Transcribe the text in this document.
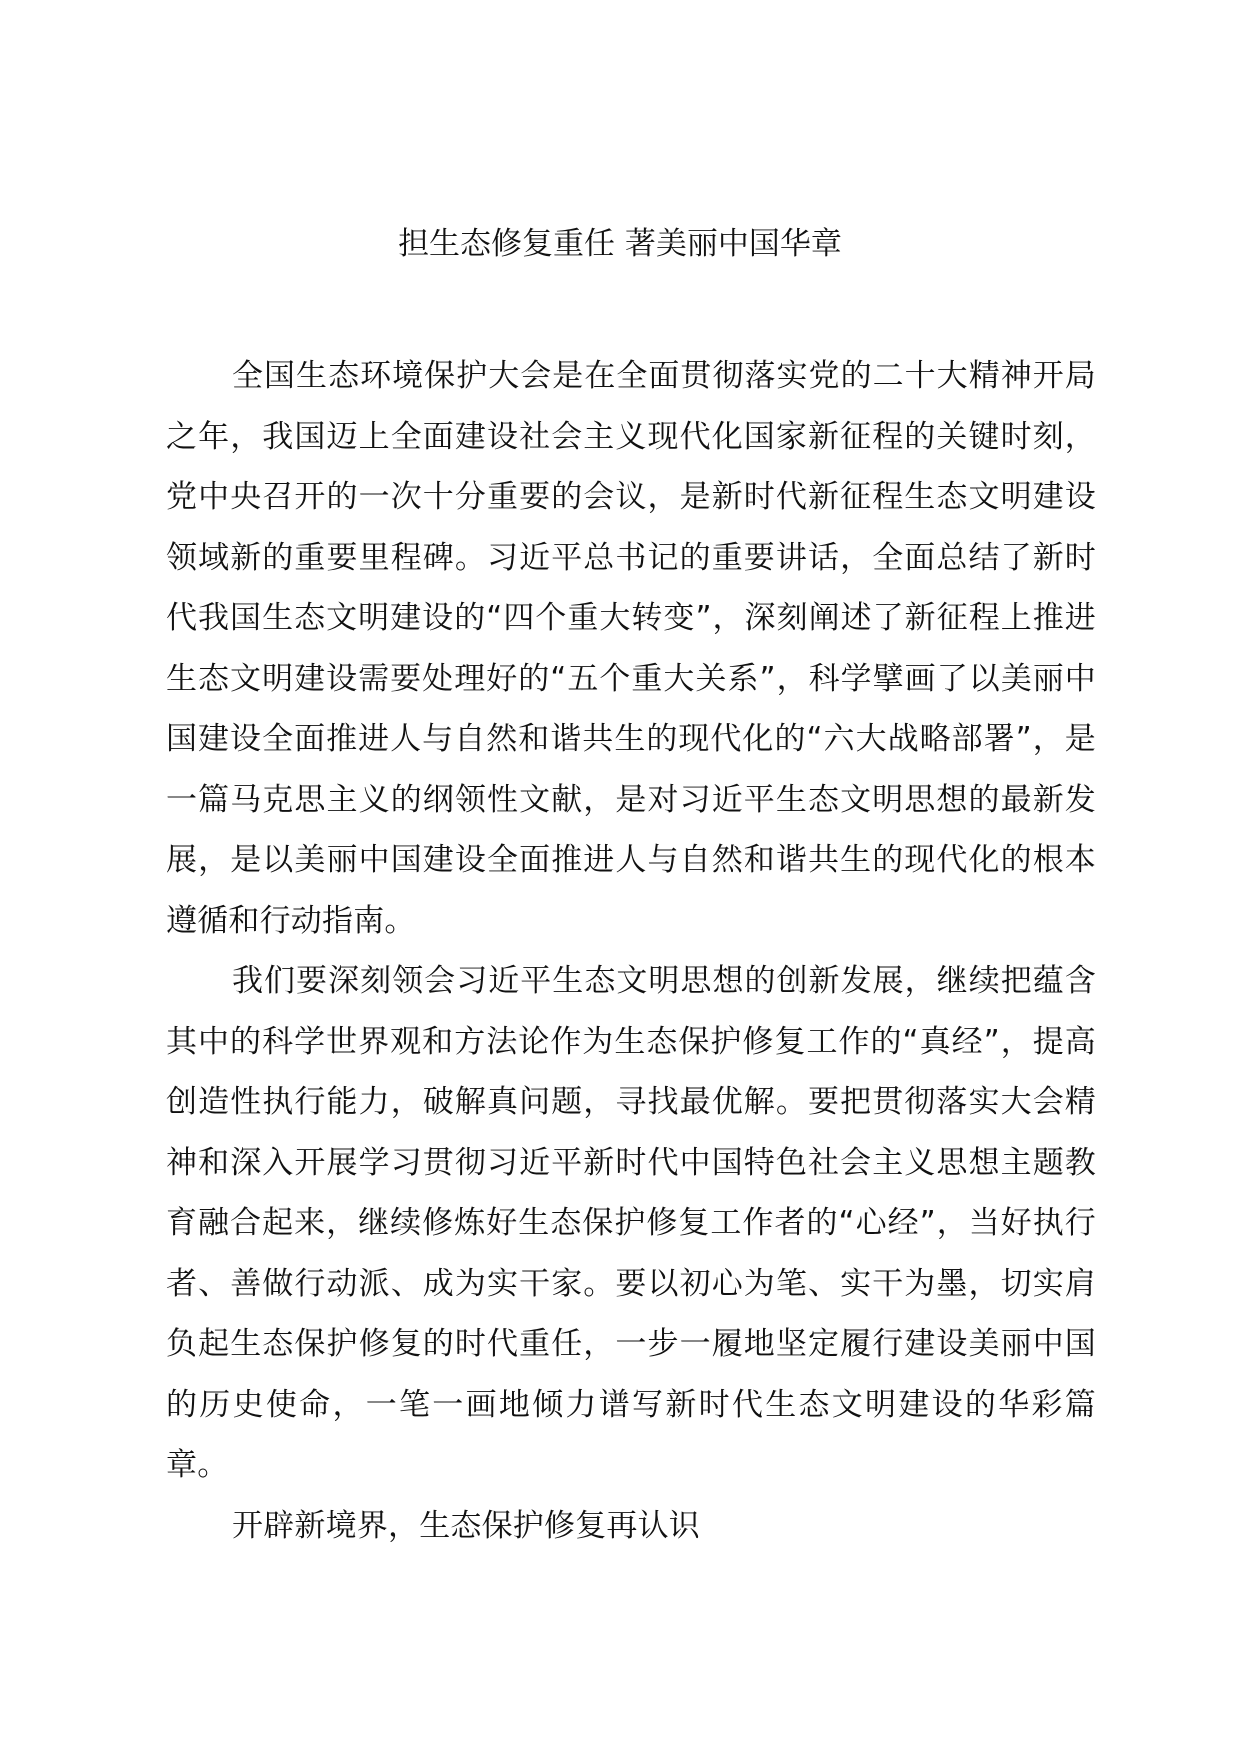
担生态修复重任 著美丽中国华章

全国生态环境保护大会是在全面贯彻落实党的二十大精神开局之年，我国迈上全面建设社会主义现代化国家新征程的关键时刻，党中央召开的一次十分重要的会议，是新时代新征程生态文明建设领域新的重要里程碑。习近平总书记的重要讲话，全面总结了新时代我国生态文明建设的“四个重大转变”，深刻阐述了新征程上推进生态文明建设需要处理好的“五个重大关系”，科学擘画了以美丽中国建设全面推进人与自然和谐共生的现代化的“六大战略部署”，是一篇马克思主义的纲领性文献，是对习近平生态文明思想的最新发展，是以美丽中国建设全面推进人与自然和谐共生的现代化的根本遵循和行动指南。

我们要深刻领会习近平生态文明思想的创新发展，继续把蕴含其中的科学世界观和方法论作为生态保护修复工作的“真经”，提高创造性执行能力，破解真问题，寻找最优解。要把贯彻落实大会精神和深入开展学习贯彻习近平新时代中国特色社会主义思想主题教育融合起来，继续修炼好生态保护修复工作者的“心经”，当好执行者、善做行动派、成为实干家。要以初心为笔、实干为墨，切实肩负起生态保护修复的时代重任，一步一履地坚定履行建设美丽中国的历史使命，一笔一画地倾力谱写新时代生态文明建设的华彩篇章。

开辟新境界，生态保护修复再认识
